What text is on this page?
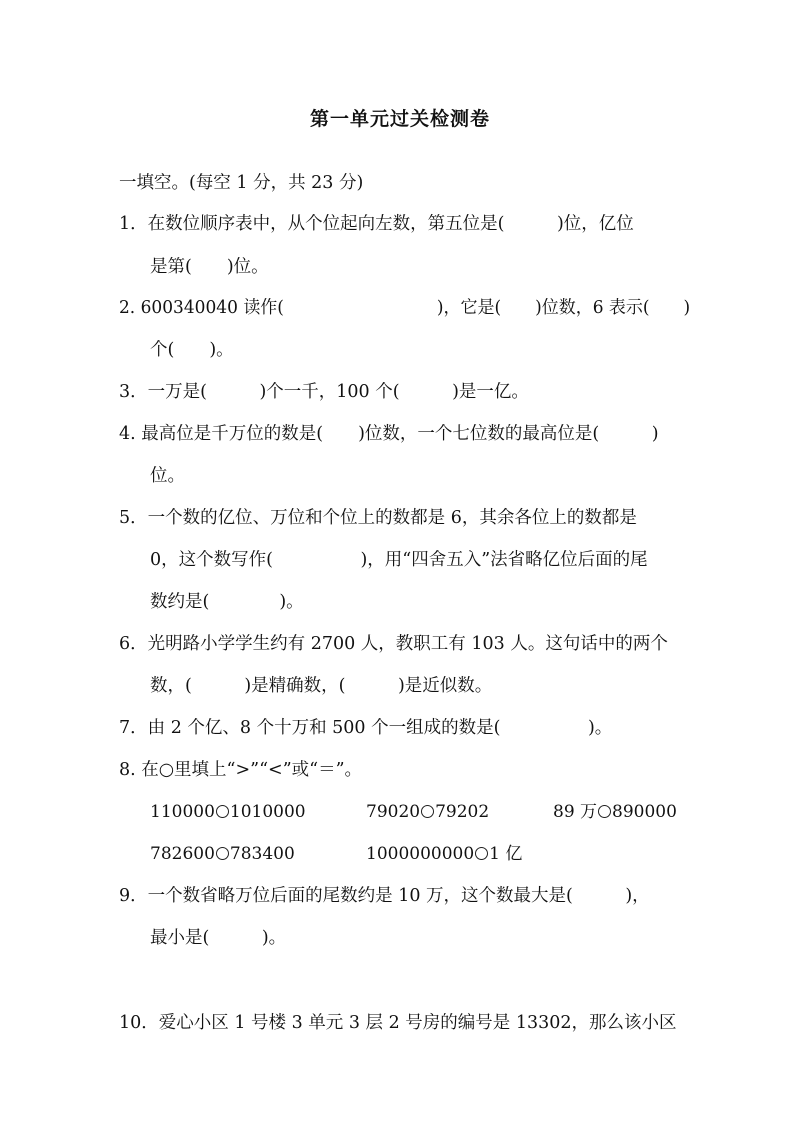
第一单元过关检测卷
一填空。(每空 1 分，共 23 分)
1．在数位顺序表中，从个位起向左数，第五位是(　　　)位，亿位
是第(　　)位。
2. 600340040 读作(　　　　　　　　　)，它是(　　)位数，6 表示(　　)
个(　　)。
3．一万是(　　　)个一千，100 个(　　　)是一亿。
4. 最高位是千万位的数是(　　)位数，一个七位数的最高位是(　　　)
位。
5．一个数的亿位、万位和个位上的数都是 6，其余各位上的数都是
0，这个数写作(　　　　　)，用“四舍五入”法省略亿位后面的尾
数约是(　　　　)。
6．光明路小学学生约有 2700 人，教职工有 103 人。这句话中的两个
数，(　　　)是精确数，(　　　)是近似数。
7．由 2 个亿、8 个十万和 500 个一组成的数是(　　　　　)。
8. 在○里填上“>”“<”或“＝”。
110000 1010000	79020 79202	89 万 890000
782600 783400	1000000000 1 亿
9．一个数省略万位后面的尾数约是 10 万，这个数最大是(　　　)，
最小是(　　　)。
10．爱心小区 1 号楼 3 单元 3 层 2 号房的编号是 13302，那么该小区
